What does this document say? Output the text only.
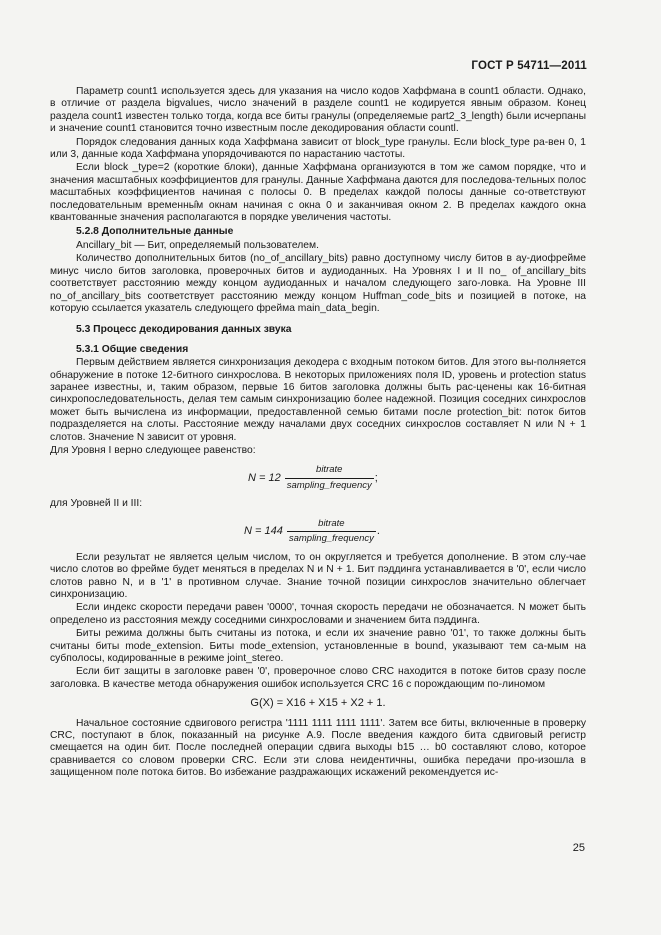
ГОСТ Р 54711—2011

Параметр count1 используется здесь для указания на число кодов Хаффмана в count1 области. Однако, в отличие от раздела bigvalues, число значений в разделе count1 не кодируется явным образом. Конец раздела count1 известен только тогда, когда все биты гранулы (определяемые part2_3_length) были исчерпаны и значение count1 становится точно известным после декодирования области countl.

Порядок следования данных кода Хаффмана зависит от block_type гранулы. Если block_type ра-вен 0, 1 или 3, данные кода Хаффмана упорядочиваются по нарастанию частоты.

Если block _type=2 (короткие блоки), данные Хаффмана организуются в том же самом порядке, что и значения масштабных коэффициентов для гранулы. Данные Хаффмана даются для последова-тельных полос масштабных коэффициентов начиная с полосы 0. В пределах каждой полосы данные со-ответствуют последовательным временны̂м окнам начиная с окна 0 и заканчивая окном 2. В пределах каждого окна квантованные значения располагаются в порядке увеличения частоты.

5.2.8 Дополнительные данные

Ancillary_bit — Бит, определяемый пользователем.

Количество дополнительных битов (no_of_ancillary_bits) равно доступному числу битов в ау-диофрейме минус число битов заголовка, проверочных битов и аудиоданных. На Уровнях I и II no_ of_ancillary_bits соответствует расстоянию между концом аудиоданных и началом следующего заго-ловка. На Уровне III no_of_ancillary_bits соответствует расстоянию между концом Huffman_code_bits и позицией в потоке, на которую ссылается указатель следующего фрейма main_data_begin.

5.3 Процесс декодирования данных звука
5.3.1 Общие сведения

Первым действием является синхронизация декодера с входным потоком битов. Для этого вы-полняется обнаружение в потоке 12-битного синхрослова. В некоторых приложениях поля ID, уровень и protection status заранее известны, и, таким образом, первые 16 битов заголовка должны быть рас-ценены как 16-битная синхропоследовательность, делая тем самым синхронизацию более надежной. Позиция соседних синхрослов может быть вычислена из информации, предоставленной семью битами после protection_bit: поток битов подразделяется на слоты. Расстояние между началами двух соседних синхрослов составляет N или N + 1 слотов. Значение N зависит от уровня.

Для Уровня I верно следующее равенство:

$N = 12 \frac{\text{bitrate}}{\text{sampling\_frequency}}$ ;

для Уровней II и III:

$N = 144 \frac{\text{bitrate}}{\text{sampling\_frequency}}$ .

Если результат не является целым числом, то он округляется и требуется дополнение. В этом слу-чае число слотов во фрейме будет меняться в пределах N и N + 1. Бит пэддинга устанавливается в '0', если число слотов равно N, и в '1' в противном случае. Знание точной позиции синхрослов значительно облегчает синхронизацию.

Если индекс скорости передачи равен '0000', точная скорость передачи не обозначается. N может быть определено из расстояния между соседними синхрословами и значением бита пэддинга.

Биты режима должны быть считаны из потока, и если их значение равно '01', то также должны быть считаны биты mode_extension. Биты mode_extension, установленные в bound, указывают тем са-мым на субполосы, кодированные в режиме joint_stereo.

Если бит защиты в заголовке равен '0', проверочное слово CRC находится в потоке битов сразу после заголовка. В качестве метода обнаружения ошибок используется CRC 16 с порождающим по-линомом

G(X) = X16 + X15 + X2 + 1.

Начальное состояние сдвигового регистра '1111 1111 1111 1111'. Затем все биты, включенные в проверку CRC, поступают в блок, показанный на рисунке А.9. После введения каждого бита сдвиговый регистр смещается на один бит. После последней операции сдвига выходы b15 … b0 составляют слово, которое сравнивается со словом проверки CRC. Если эти слова неидентичны, ошибка передачи про-изошла в защищенном поле потока битов. Во избежание раздражающих искажений рекомендуется ис-

25
